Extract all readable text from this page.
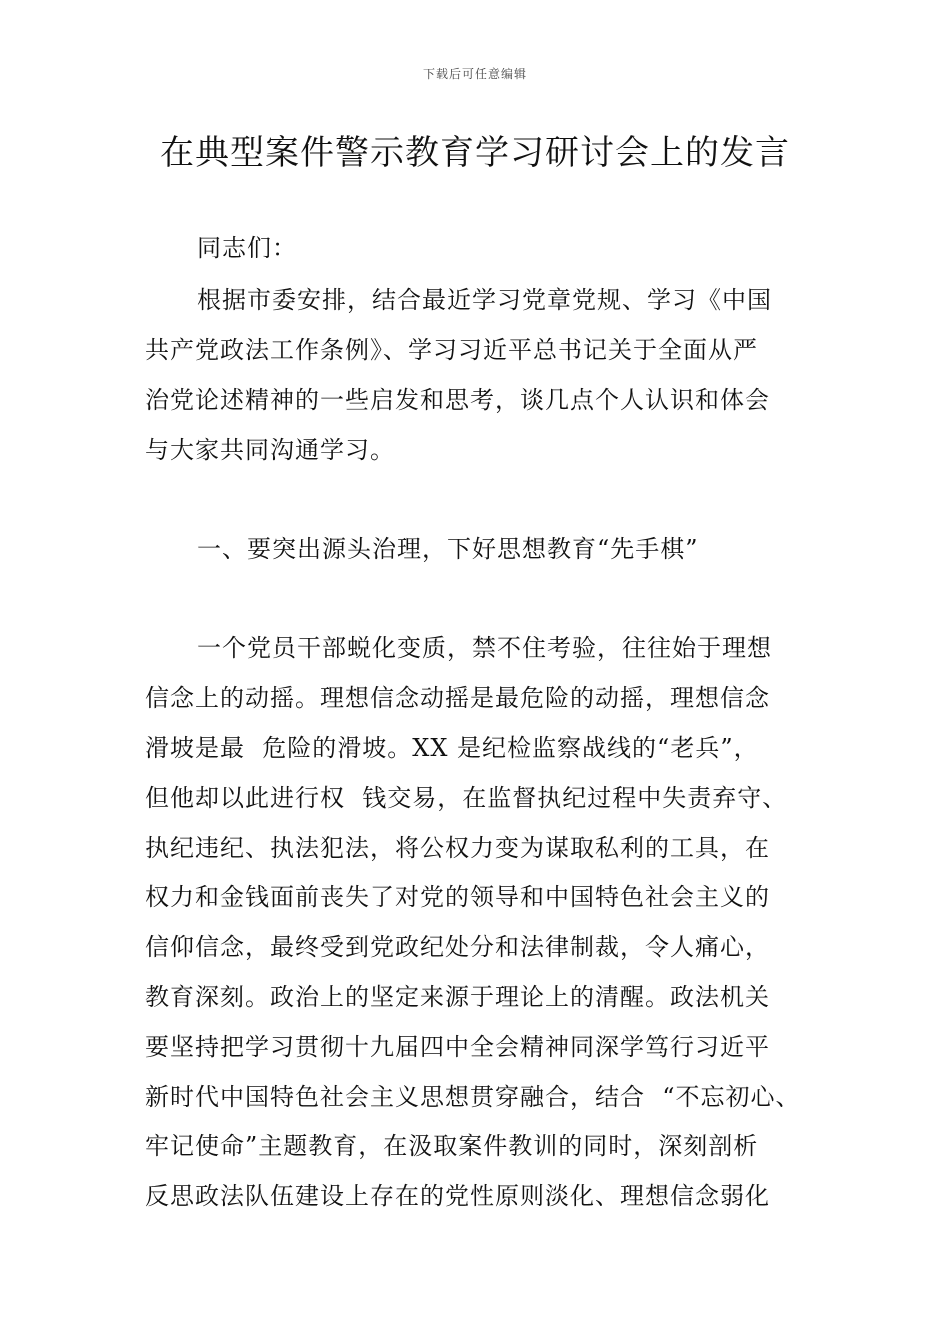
下载后可任意编辑
在典型案件警示教育学习研讨会上的发言
同志们：
根据市委安排，结合最近学习党章党规、学习《中国
共产党政法工作条例》、学习习近平总书记关于全面从严
治党论述精神的一些启发和思考，谈几点个人认识和体会
与大家共同沟通学习。
一、要突出源头治理，下好思想教育“先手棋”
一个党员干部蜕化变质，禁不住考验，往往始于理想
信念上的动摇。理想信念动摇是最危险的动摇，理想信念
滑坡是最  危险的滑坡。XX 是纪检监察战线的“老兵”，
但他却以此进行权  钱交易，在监督执纪过程中失责弃守、
执纪违纪、执法犯法，将公权力变为谋取私利的工具，在
权力和金钱面前丧失了对党的领导和中国特色社会主义的
信仰信念，最终受到党政纪处分和法律制裁，令人痛心，
教育深刻。政治上的坚定来源于理论上的清醒。政法机关
要坚持把学习贯彻十九届四中全会精神同深学笃行习近平
新时代中国特色社会主义思想贯穿融合，结合  “不忘初心、
牢记使命”主题教育，在汲取案件教训的同时，深刻剖析
反思政法队伍建设上存在的党性原则淡化、理想信念弱化
